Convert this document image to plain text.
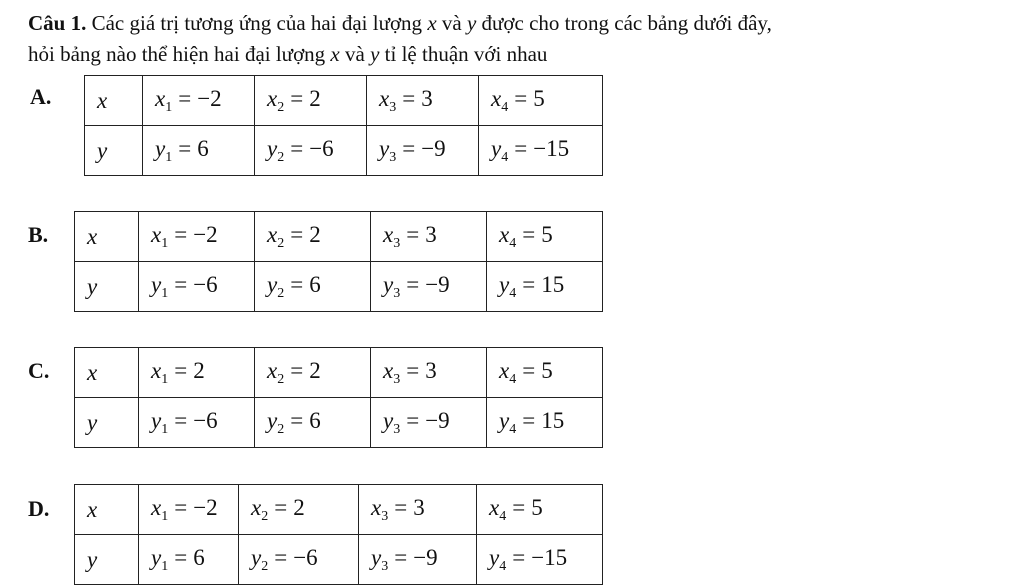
Câu 1. Các giá trị tương ứng của hai đại lượng x và y được cho trong các bảng dưới đây,
hỏi bảng nào thể hiện hai đại lượng x và y tỉ lệ thuận với nhau

A. x	$x_1 = -2$	$x_2 = 2$	$x_3 = 3$	$x_4 = 5$
y	$y_1 = 6$	$y_2 = -6$	$y_3 = -9$	$y_4 = -15$
B. x	$x_1 = -2$	$x_2 = 2$	$x_3 = 3$	$x_4 = 5$
y	$y_1 = -6$	$y_2 = 6$	$y_3 = -9$	$y_4 = 15$
C. x	$x_1 = 2$	$x_2 = 2$	$x_3 = 3$	$x_4 = 5$
y	$y_1 = -6$	$y_2 = 6$	$y_3 = -9$	$y_4 = 15$
D. x	$x_1 = -2$	$x_2 = 2$	$x_3 = 3$	$x_4 = 5$
y	$y_1 = 6$	$y_2 = -6$	$y_3 = -9$	$y_4 = -15$
